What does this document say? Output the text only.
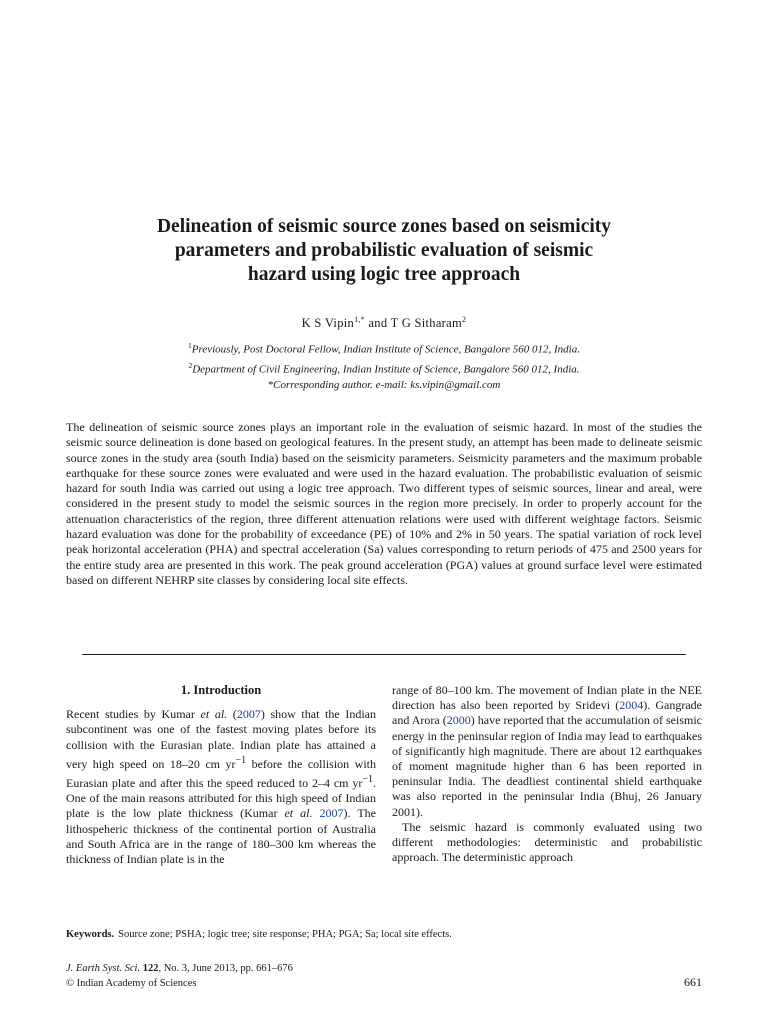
Delineation of seismic source zones based on seismicity
parameters and probabilistic evaluation of seismic
hazard using logic tree approach
K S Vipin$^{1,*}$ and T G Sitharam$^2$
$^1$Previously, Post Doctoral Fellow, Indian Institute of Science, Bangalore 560 012, India.
$^2$Department of Civil Engineering, Indian Institute of Science, Bangalore 560 012, India.
*Corresponding author. e-mail: ks.vipin@gmail.com
The delineation of seismic source zones plays an important role in the evaluation of seismic hazard. In most of the studies the seismic source delineation is done based on geological features. In the present study, an attempt has been made to delineate seismic source zones in the study area (south India) based on the seismicity parameters. Seismicity parameters and the maximum probable earthquake for these source zones were evaluated and were used in the hazard evaluation. The probabilistic evaluation of seismic hazard for south India was carried out using a logic tree approach. Two different types of seismic sources, linear and areal, were considered in the present study to model the seismic sources in the region more precisely. In order to properly account for the attenuation characteristics of the region, three different attenuation relations were used with different weightage factors. Seismic hazard evaluation was done for the probability of exceedance (PE) of 10% and 2% in 50 years. The spatial variation of rock level peak horizontal acceleration (PHA) and spectral acceleration (Sa) values corresponding to return periods of 475 and 2500 years for the entire study area are presented in this work. The peak ground acceleration (PGA) values at ground surface level were estimated based on different NEHRP site classes by considering local site effects.
1. Introduction

Recent studies by Kumar et al. (2007) show that the Indian subcontinent was one of the fastest moving plates before its collision with the Eurasian plate. Indian plate has attained a very high speed on 18–20 cm $yr^{-1}$ before the collision with Eurasian plate and after this the speed reduced to 2–4 cm $yr^{-1}$. One of the main reasons attributed for this high speed of Indian plate is the low plate thickness (Kumar et al. 2007). The lithospeheric thickness of the continental portion of Australia and South Africa are in the range of 180–300 km whereas the thickness of Indian plate is in the

range of 80–100 km. The movement of Indian plate in the NEE direction has also been reported by Sridevi (2004). Gangrade and Arora (2000) have reported that the accumulation of seismic energy in the peninsular region of India may lead to earthquakes of significantly high magnitude. There are about 12 earthquakes of moment magnitude higher than 6 has been reported in peninsular India. The deadliest continental shield earthquake was also reported in the peninsular India (Bhuj, 26 January 2001).

The seismic hazard is commonly evaluated using two different methodologies: deterministic and probabilistic approach. The deterministic approach

Keywords. Source zone; PSHA; logic tree; site response; PHA; PGA; Sa; local site effects.
J. Earth Syst. Sci. 122, No. 3, June 2013, pp. 661–676
© Indian Academy of Sciences	661
